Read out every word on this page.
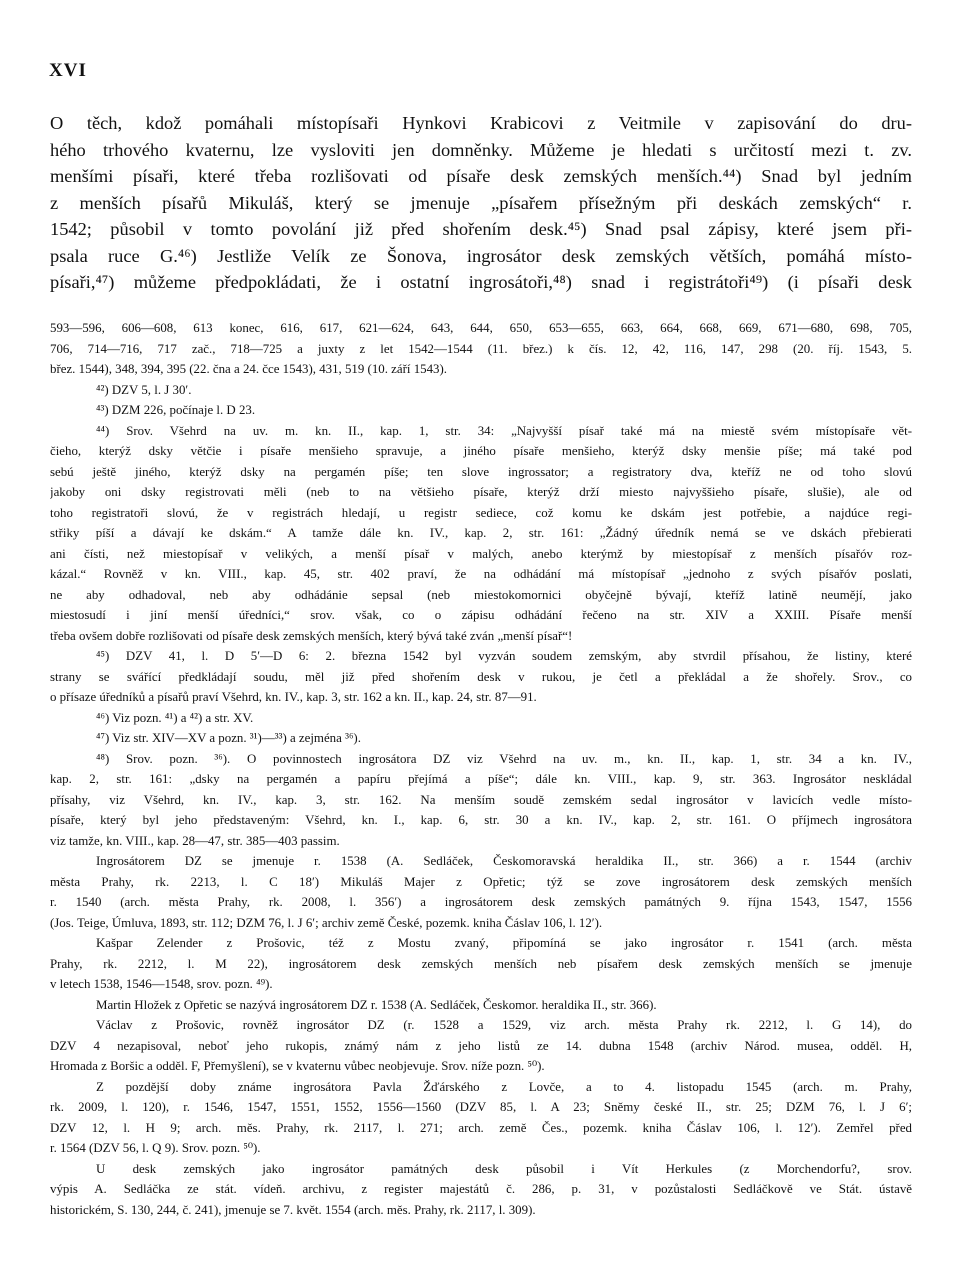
XVI
O těch, kdož pomáhali místopísaři Hynkovi Krabicovi z Veitmile v zapisování do dru-
hého trhového kvaternu, lze vysloviti jen domněnky. Můžeme je hledati s určitostí mezi t. zv.
menšími písaři, které třeba rozlišovati od písaře desk zemských menších.⁴⁴) Snad byl jedním
z menších písařů Mikuláš, který se jmenuje „písařem přísežným při deskách zemských“ r.
1542; působil v tomto povolání již před shořením desk.⁴⁵) Snad psal zápisy, které jsem při-
psala ruce G.⁴⁶) Jestliže Velík ze Šonova, ingrosátor desk zemských větších, pomáhá místo-
písaři,⁴⁷) můžeme předpokládati, že i ostatní ingrosátoři,⁴⁸) snad i registrátoři⁴⁹) (i písaři desk
593—596, 606—608, 613 konec, 616, 617, 621—624, 643, 644, 650, 653—655, 663, 664, 668, 669, 671—680, 698, 705,
706, 714—716, 717 zač., 718—725 a juxty z let 1542—1544 (11. břez.) k čís. 12, 42, 116, 147, 298 (20. říj. 1543, 5.
břez. 1544), 348, 394, 395 (22. čna a 24. čce 1543), 431, 519 (10. září 1543).
⁴²) DZV 5, l. J 30′.
⁴³) DZM 226, počínaje l. D 23.
⁴⁴) Srov. Všehrd na uv. m. kn. II., kap. 1, str. 34: „Najvyšší písař také má na miestě svém místopísaře vět-
čieho, kterýž dsky větčie i písaře menšieho spravuje, a jiného písaře menšieho, kterýž dsky menšie píše; má také pod
sebú ještě jiného, kterýž dsky na pergamén píše; ten slove ingrossator; a registratory dva, kteříž ne od toho slovú
jakoby oni dsky registrovati měli (neb to na většieho písaře, kterýž drží miesto najvyššieho písaře, slušie), ale od
toho registratoři slovú, že v registrách hledají, u registr sediece, což komu ke dskám jest potřebie, a najdúce regi-
střiky píší a dávají ke dskám.“ A tamže dále kn. IV., kap. 2, str. 161: „Žádný úředník nemá se ve dskách přebierati
ani čísti, než miestopísař v velikých, a menší písař v malých, anebo kterýmž by miestopísař z menších písařóv roz-
kázal.“ Rovněž v kn. VIII., kap. 45, str. 402 praví, že na odhádání má místopísař „jednoho z svých písařóv poslati,
ne aby odhadoval, neb aby odhádánie sepsal (neb miestokomornici obyčejně bývají, kteříž latině neumějí, jako
miestosudí i jiní menší úředníci,“ srov. však, co o zápisu odhádání řečeno na str. XIV a XXIII. Písaře menší
třeba ovšem dobře rozlišovati od písaře desk zemských menších, který bývá také zván „menší písař“!
⁴⁵) DZV 41, l. D 5′—D 6: 2. března 1542 byl vyzván soudem zemským, aby stvrdil přísahou, že listiny, které
strany se svářící předkládají soudu, měl již před shořením desk v rukou, je četl a překládal a že shořely. Srov., co
o přísaze úředníků a písařů praví Všehrd, kn. IV., kap. 3, str. 162 a kn. II., kap. 24, str. 87—91.
⁴⁶) Viz pozn. ⁴¹) a ⁴²) a str. XV.
⁴⁷) Viz str. XIV—XV a pozn. ³¹)—³³) a zejména ³⁶).
⁴⁸) Srov. pozn. ³⁶). O povinnostech ingrosátora DZ viz Všehrd na uv. m., kn. II., kap. 1, str. 34 a kn. IV.,
kap. 2, str. 161: „dsky na pergamén a papíru přejímá a píše“; dále kn. VIII., kap. 9, str. 363. Ingrosátor neskládal
přísahy, viz Všehrd, kn. IV., kap. 3, str. 162. Na menším soudě zemském sedal ingrosátor v lavicích vedle místo-
písaře, který byl jeho představeným: Všehrd, kn. I., kap. 6, str. 30 a kn. IV., kap. 2, str. 161. O příjmech ingrosátora
viz tamže, kn. VIII., kap. 28—47, str. 385—403 passim.
Ingrosátorem DZ se jmenuje r. 1538 (A. Sedláček, Českomoravská heraldika II., str. 366) a r. 1544 (archiv
města Prahy, rk. 2213, l. C 18′) Mikuláš Majer z Opřetic; týž se zove ingrosátorem desk zemských menších
r. 1540 (arch. města Prahy, rk. 2008, l. 356′) a ingrosátorem desk zemských památných 9. října 1543, 1547, 1556
(Jos. Teige, Úmluva, 1893, str. 112; DZM 76, l. J 6′; archiv země České, pozemk. kniha Čáslav 106, l. 12′).
Kašpar Zelender z Prošovic, též z Mostu zvaný, připomíná se jako ingrosátor r. 1541 (arch. města
Prahy, rk. 2212, l. M 22), ingrosátorem desk zemských menších neb písařem desk zemských menších se jmenuje
v letech 1538, 1546—1548, srov. pozn. ⁴⁹).
Martin Hložek z Opřetic se nazývá ingrosátorem DZ r. 1538 (A. Sedláček, Českomor. heraldika II., str. 366).
Václav z Prošovic, rovněž ingrosátor DZ (r. 1528 a 1529, viz arch. města Prahy rk. 2212, l. G 14), do
DZV 4 nezapisoval, neboť jeho rukopis, známý nám z jeho listů ze 14. dubna 1548 (archiv Národ. musea, odděl. H,
Hromada z Boršic a odděl. F, Přemyšlení), se v kvaternu vůbec neobjevuje. Srov. níže pozn. ⁵⁰).
Z pozdější doby známe ingrosátora Pavla Žďárského z Lovče, a to 4. listopadu 1545 (arch. m. Prahy,
rk. 2009, l. 120), r. 1546, 1547, 1551, 1552, 1556—1560 (DZV 85, l. A 23; Sněmy české II., str. 25; DZM 76, l. J 6′;
DZV 12, l. H 9; arch. měs. Prahy, rk. 2117, l. 271; arch. země Čes., pozemk. kniha Čáslav 106, l. 12′). Zemřel před
r. 1564 (DZV 56, l. Q 9). Srov. pozn. ⁵⁰).
U desk zemských jako ingrosátor památných desk působil i Vít Herkules (z Morchendorfu?, srov.
výpis A. Sedláčka ze stát. vídeň. archivu, z register majestátů č. 286, p. 31, v pozůstalosti Sedláčkově ve Stát. ústavě
historickém, S. 130, 244, č. 241), jmenuje se 7. květ. 1554 (arch. měs. Prahy, rk. 2117, l. 309).
